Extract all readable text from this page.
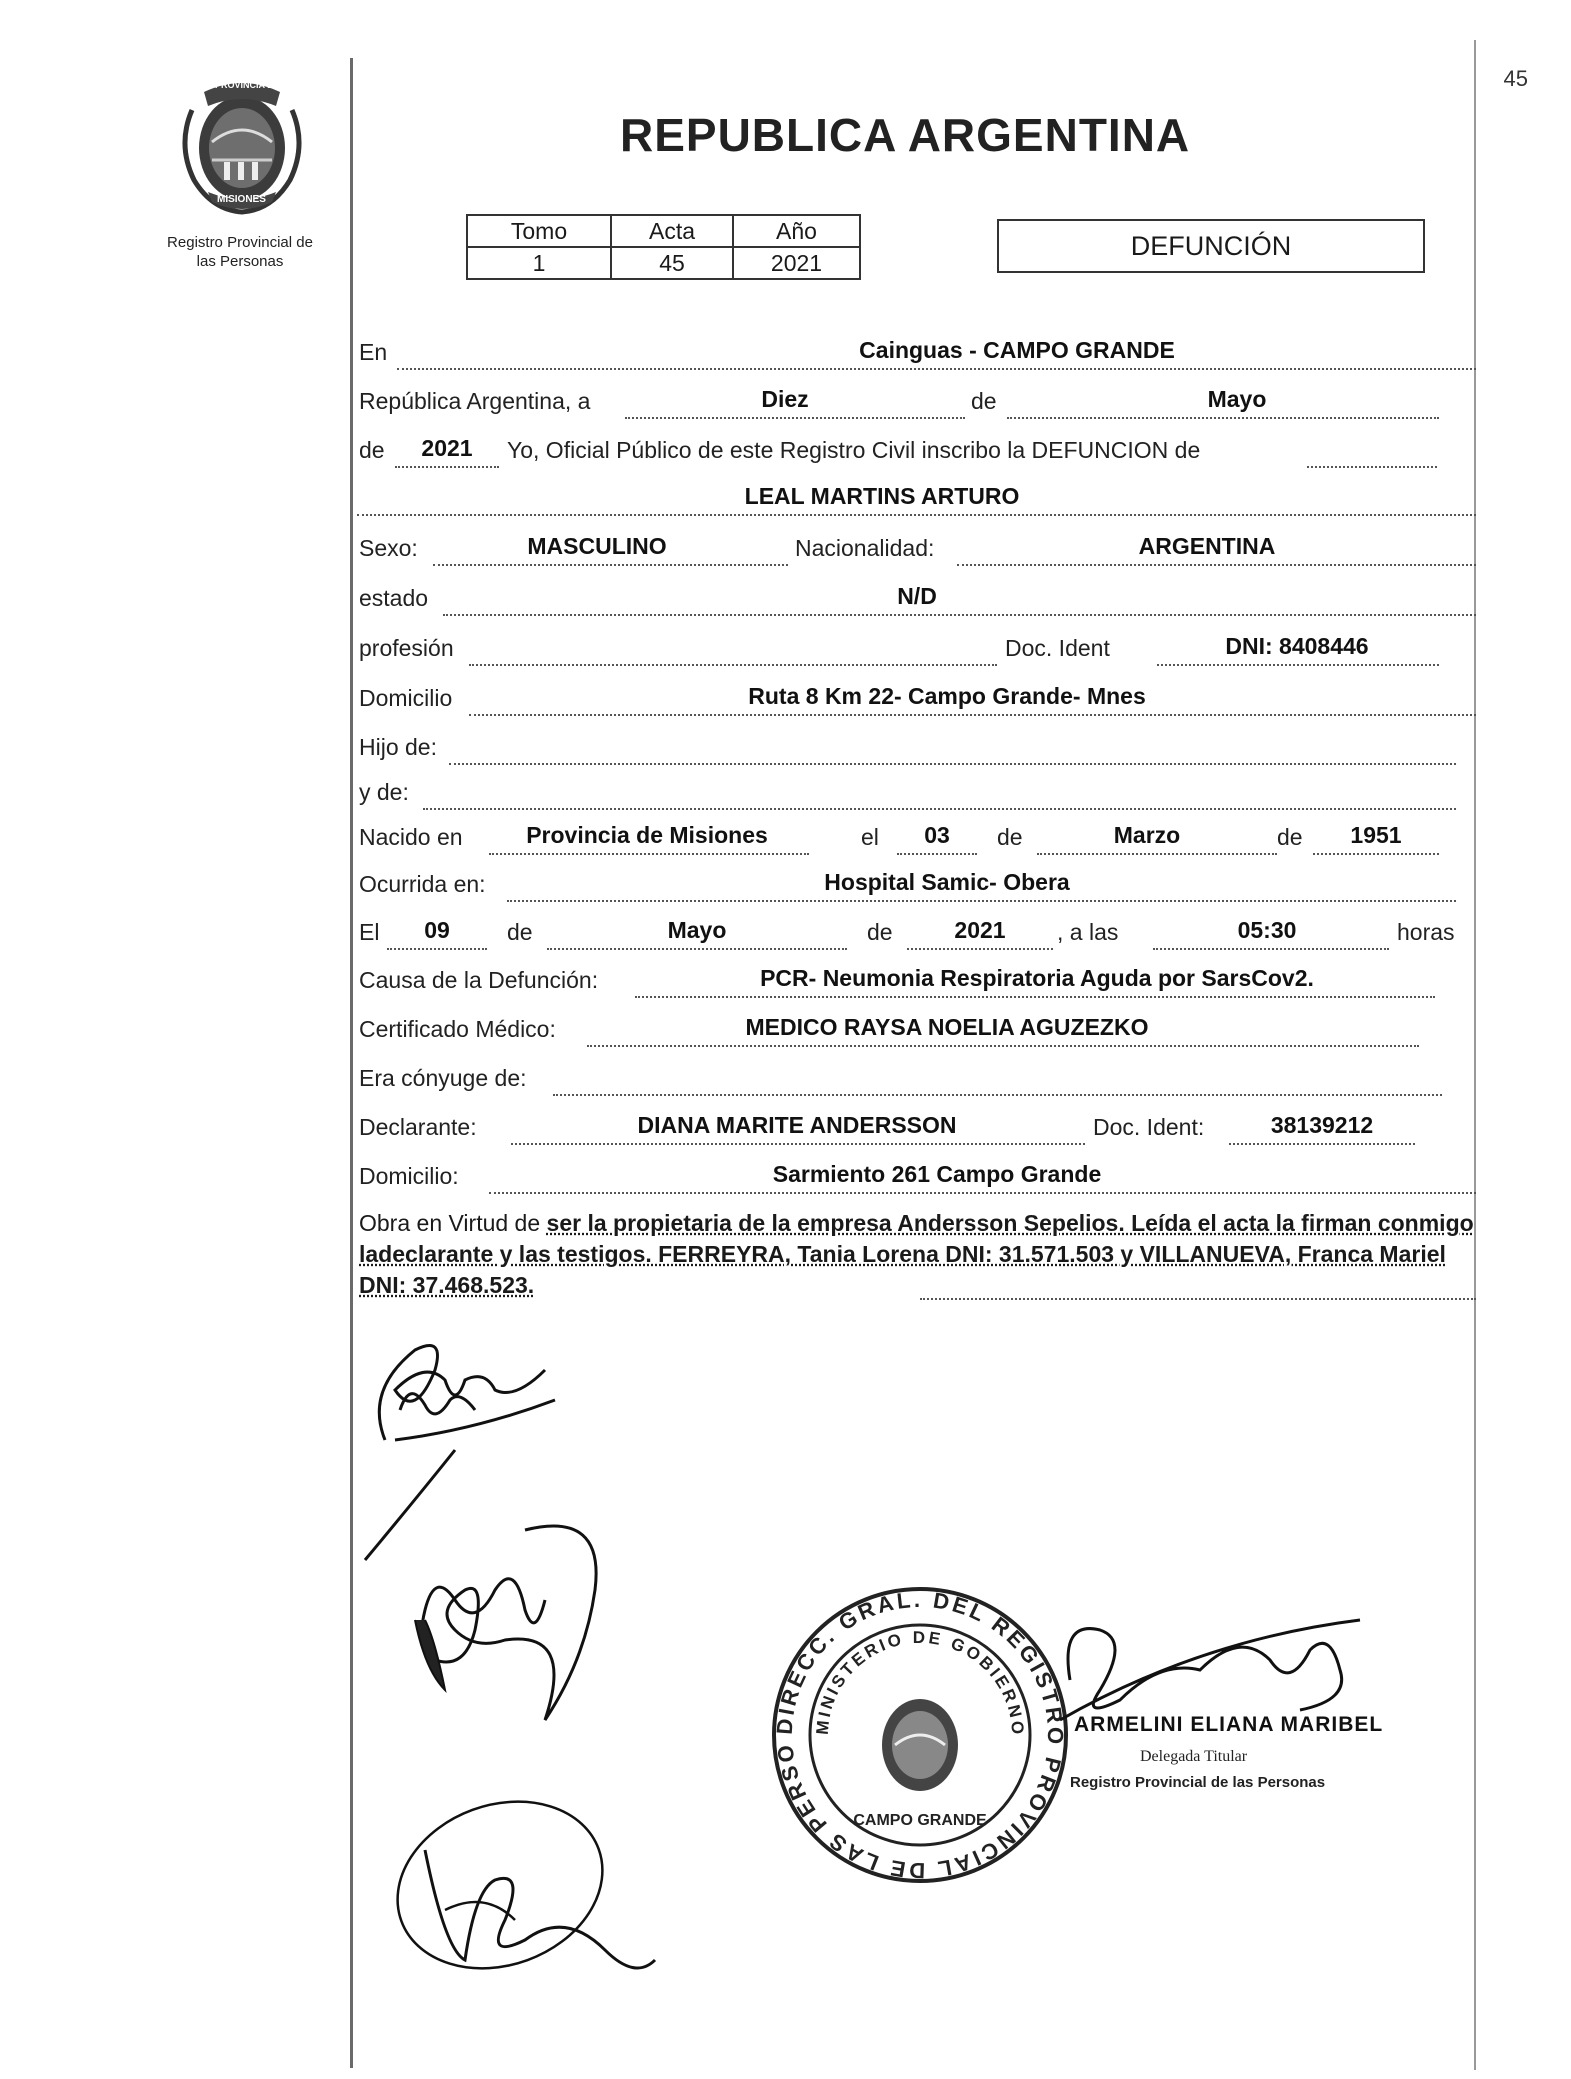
45
PROVINCIA DE
MISIONES
Registro Provincial de
las Personas
REPUBLICA ARGENTINA
Tomo	Acta	Año
1	45	2021
DEFUNCIÓN
En	Cainguas - CAMPO GRANDE
República Argentina, a	Diez	de	Mayo
de	2021	Yo, Oficial Público de este Registro Civil inscribo la DEFUNCION de
LEAL MARTINS ARTURO
Sexo:	MASCULINO	Nacionalidad:	ARGENTINA
estado	N/D
profesión	Doc. Ident	DNI: 8408446
Domicilio	Ruta 8 Km 22- Campo Grande- Mnes
Hijo de:
y de:
Nacido en	Provincia de Misiones	el	03	de	Marzo	de	1951
Ocurrida en:	Hospital Samic- Obera
El	09	de	Mayo	de	2021	, a las	05:30	horas
Causa de la Defunción:	PCR- Neumonia Respiratoria Aguda por SarsCov2.
Certificado Médico:	MEDICO RAYSA NOELIA AGUZEZKO
Era cónyuge de:
Declarante:	DIANA MARITE ANDERSSON	Doc. Ident:	38139212
Domicilio:	Sarmiento 261 Campo Grande
Obra en Virtud de ser la propietaria de la empresa Andersson Sepelios. Leída el acta la firman conmigo ladeclarante y las testigos. FERREYRA, Tania Lorena DNI: 31.571.503 y VILLANUEVA, Franca Mariel DNI: 37.468.523.
DIRECC. GRAL. DEL REGISTRO PROVINCIAL DE LAS PERSONAS
MINISTERIO DE GOBIERNO
CAMPO GRANDE
ARMELINI ELIANA MARIBEL
Delegada Titular
Registro Provincial de las Personas
